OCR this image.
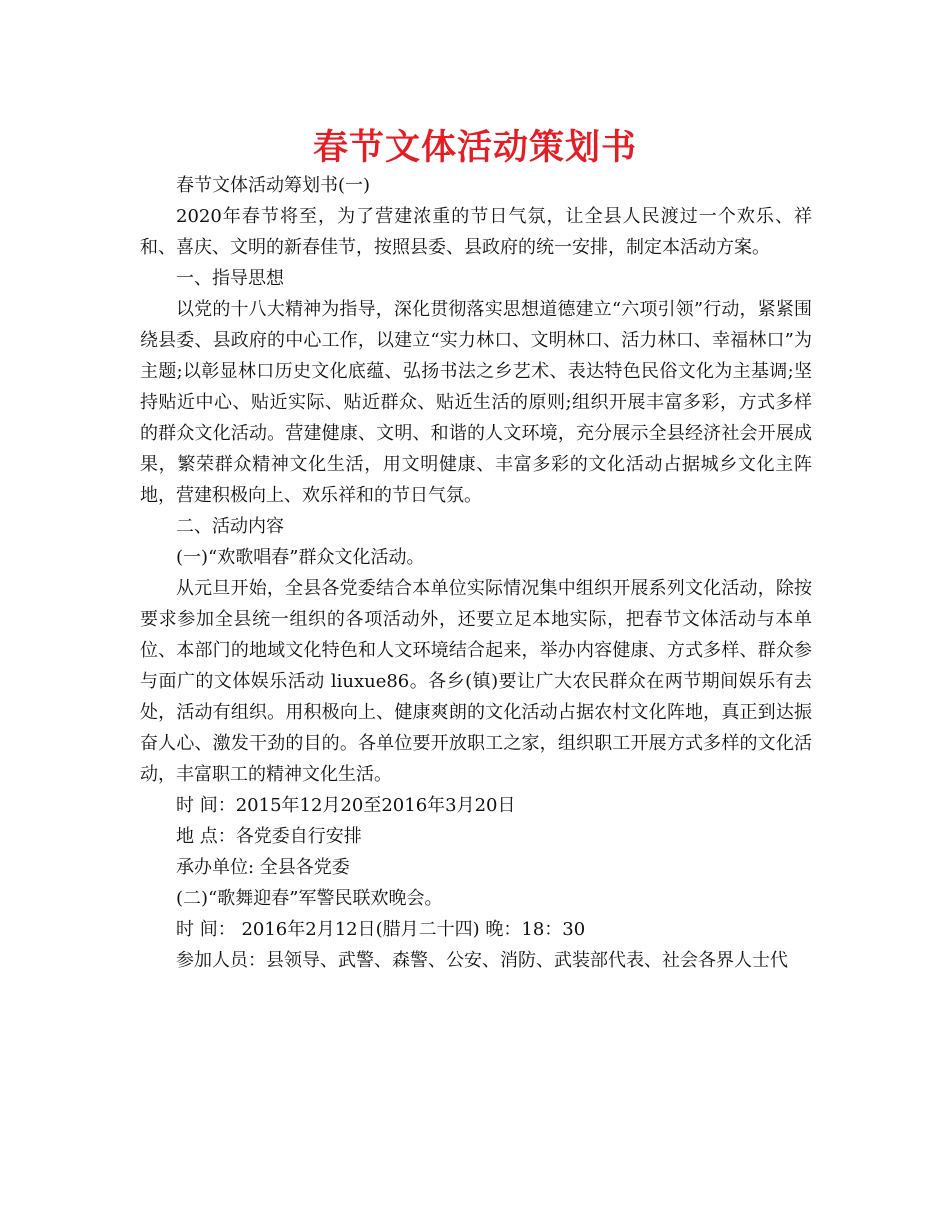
春节文体活动策划书

春节文体活动筹划书(一)

2020年春节将至，为了营建浓重的节日气氛，让全县人民渡过一个欢乐、祥和、喜庆、文明的新春佳节，按照县委、县政府的统一安排，制定本活动方案。

一、指导思想

以党的十八大精神为指导，深化贯彻落实思想道德建立“六项引领”行动，紧紧围绕县委、县政府的中心工作，以建立“实力林口、文明林口、活力林口、幸福林口”为主题;以彰显林口历史文化底蕴、弘扬书法之乡艺术、表达特色民俗文化为主基调;坚持贴近中心、贴近实际、贴近群众、贴近生活的原则;组织开展丰富多彩，方式多样的群众文化活动。营建健康、文明、和谐的人文环境，充分展示全县经济社会开展成果，繁荣群众精神文化生活，用文明健康、丰富多彩的文化活动占据城乡文化主阵地，营建积极向上、欢乐祥和的节日气氛。

二、活动内容

(一)“欢歌唱春”群众文化活动。

从元旦开始，全县各党委结合本单位实际情况集中组织开展系列文化活动，除按要求参加全县统一组织的各项活动外，还要立足本地实际，把春节文体活动与本单位、本部门的地域文化特色和人文环境结合起来，举办内容健康、方式多样、群众参与面广的文体娱乐活动 liuxue86。各乡(镇)要让广大农民群众在两节期间娱乐有去处，活动有组织。用积极向上、健康爽朗的文化活动占据农村文化阵地，真正到达振奋人心、激发干劲的目的。各单位要开放职工之家，组织职工开展方式多样的文化活动，丰富职工的精神文化生活。

时 间：2015年12月20至2016年3月20日

地 点：各党委自行安排

承办单位: 全县各党委

(二)“歌舞迎春”军警民联欢晚会。

时 间： 2016年2月12日(腊月二十四) 晚：18：30

参加人员：县领导、武警、森警、公安、消防、武装部代表、社会各界人士代
